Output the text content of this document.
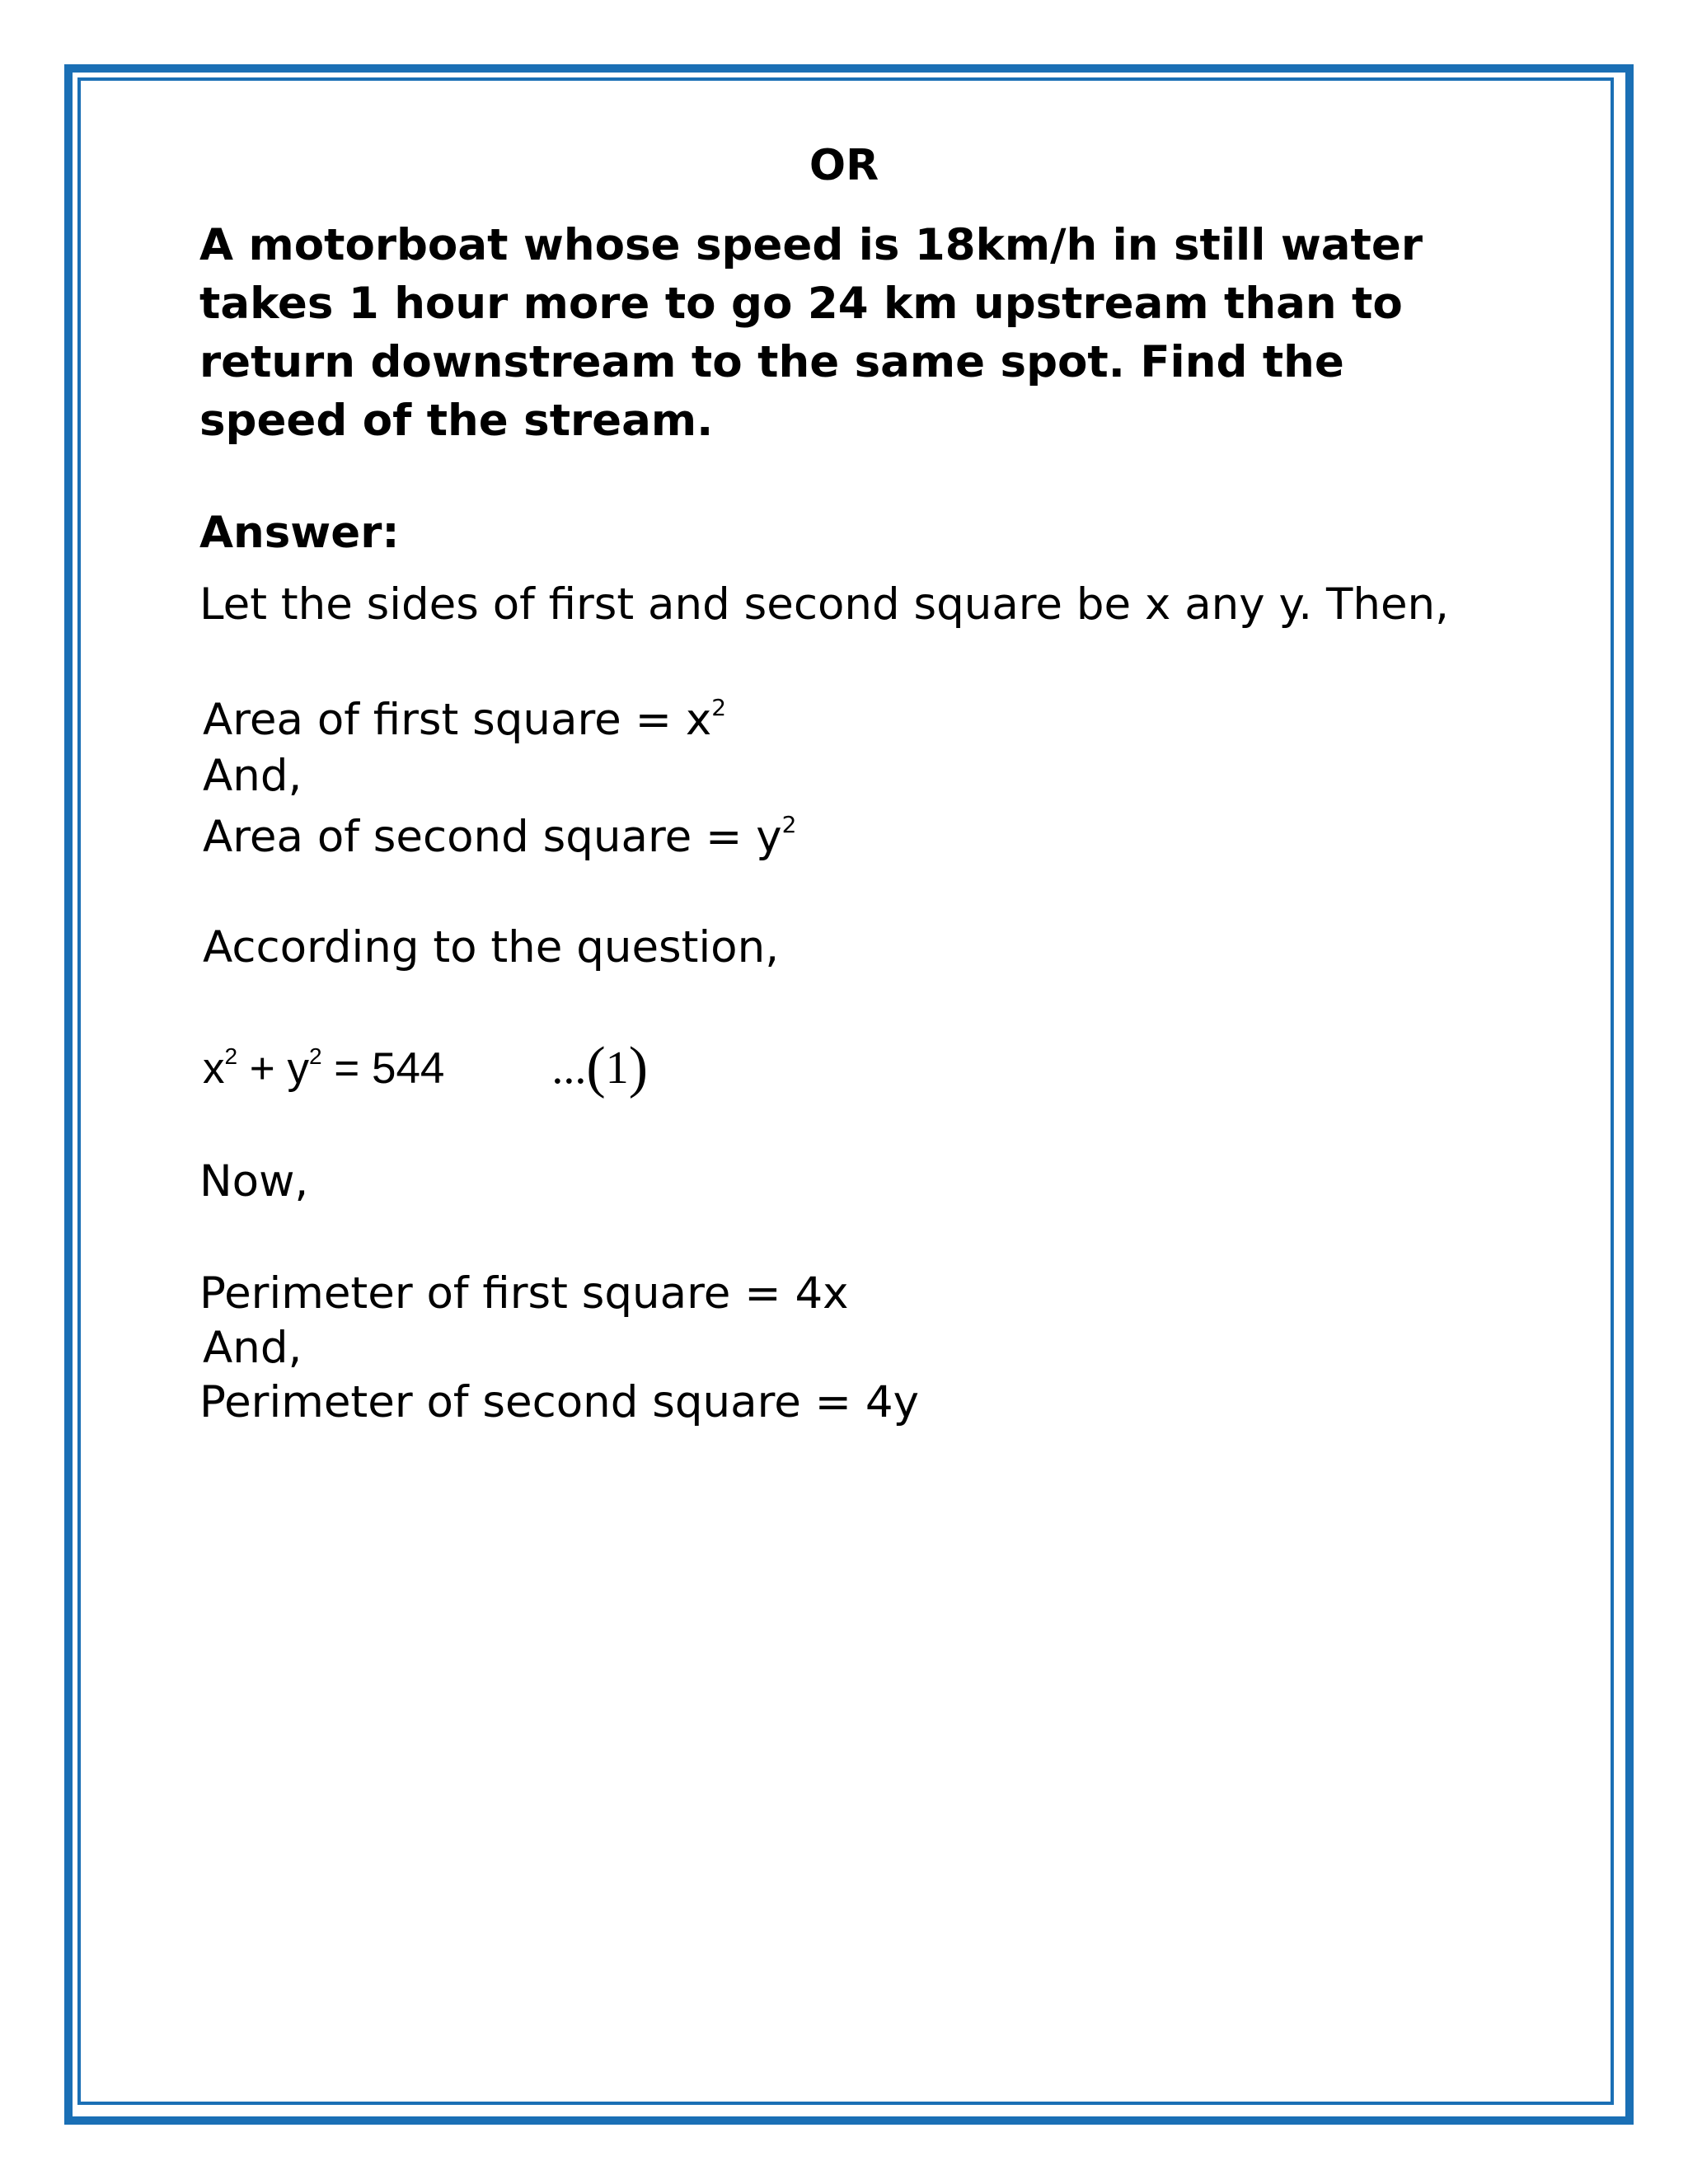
OR
A motorboat whose speed is 18km/h in still water
takes 1 hour more to go 24 km upstream than to
return downstream to the same spot. Find the
speed of the stream.
Answer:
Let the sides of first and second square be x any y. Then,
Area of first square = $x^2$
And,
Area of second square = $y^2$
According to the question,
$x^2 + y^2 = 544$ ...(1)
Now,
Perimeter of first square = 4x
And,
Perimeter of second square = 4y
